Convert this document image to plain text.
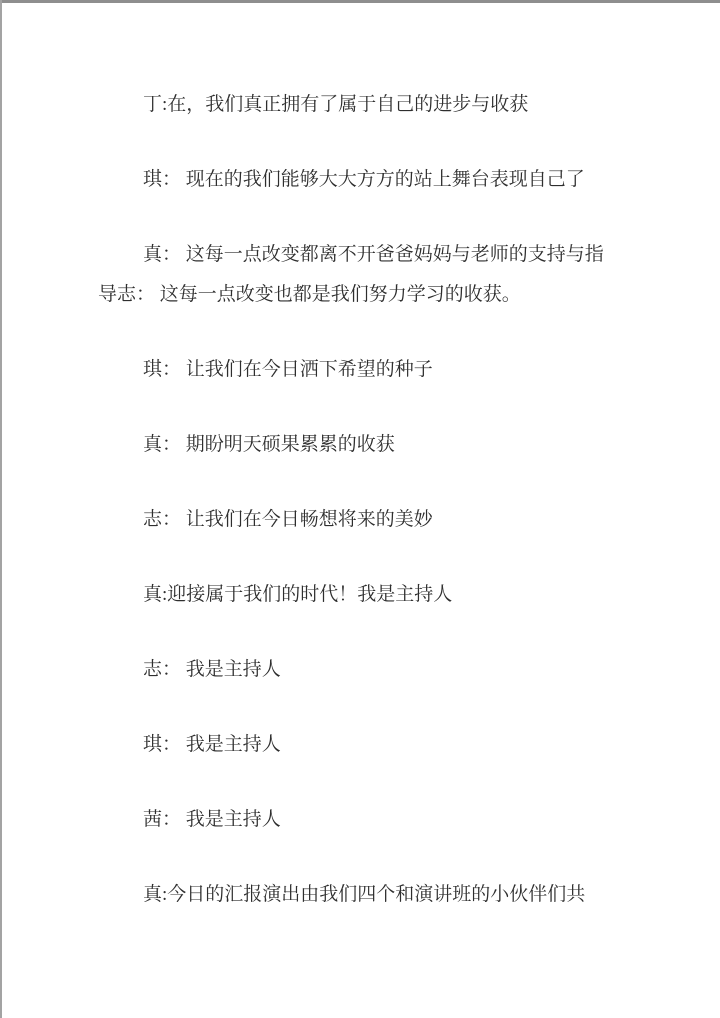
丁:在，我们真正拥有了属于自己的进步与收获
琪： 现在的我们能够大大方方的站上舞台表现自己了
真： 这每一点改变都离不开爸爸妈妈与老师的支持与指
导志： 这每一点改变也都是我们努力学习的收获。
琪： 让我们在今日洒下希望的种子
真： 期盼明天硕果累累的收获
志： 让我们在今日畅想将来的美妙
真:迎接属于我们的时代！我是主持人
志： 我是主持人
琪： 我是主持人
茜： 我是主持人
真:今日的汇报演出由我们四个和演讲班的小伙伴们共
